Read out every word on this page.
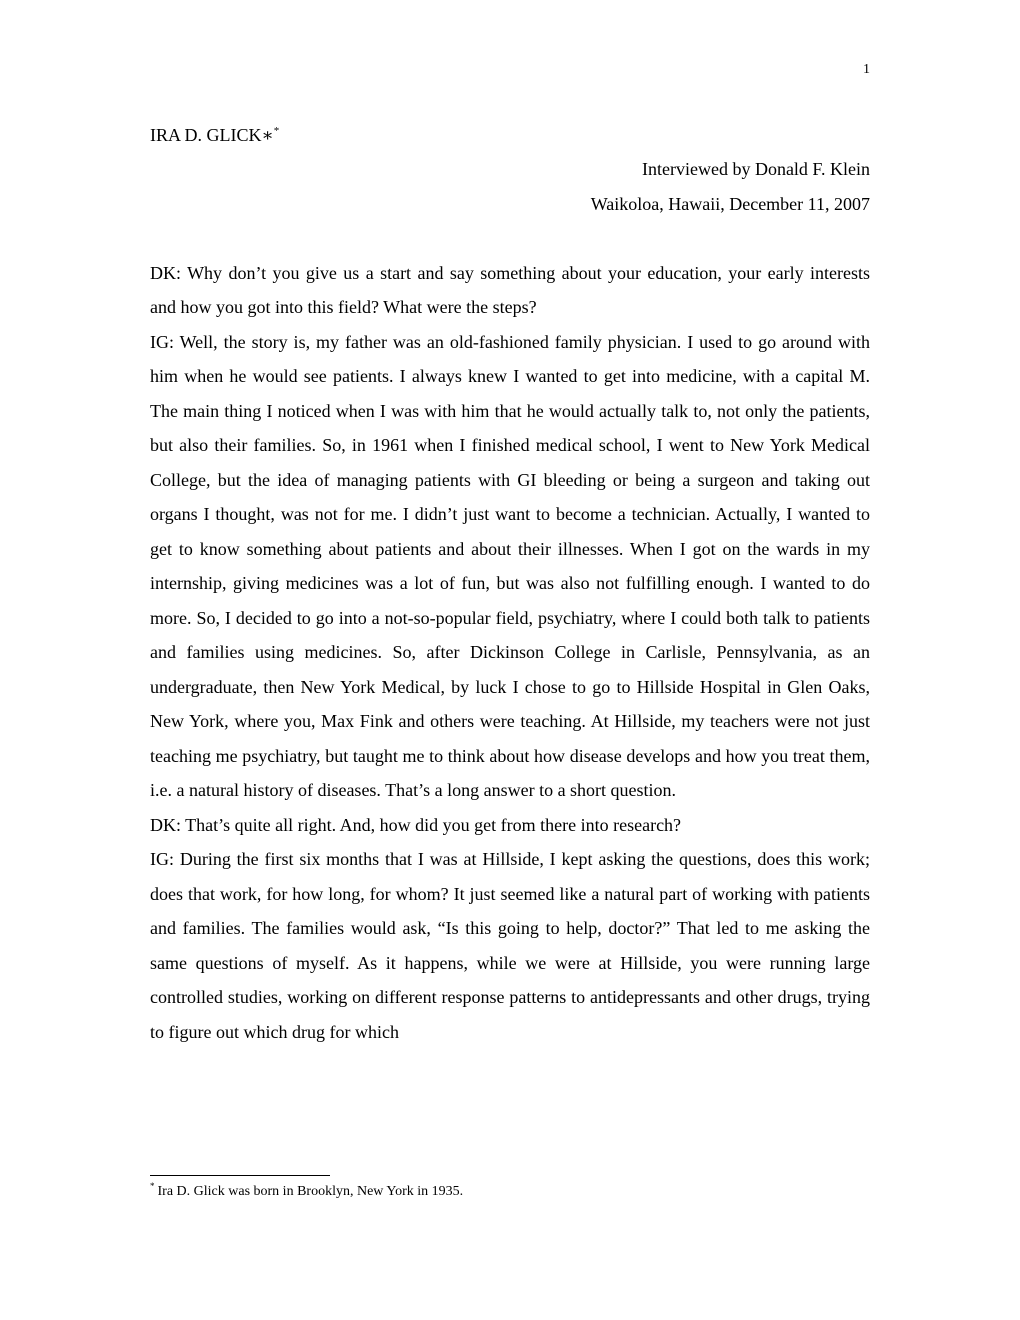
1
IRA D. GLICK∗*
Interviewed by Donald F. Klein
Waikoloa, Hawaii, December 11, 2007

DK: Why don’t you give us a start and say something about your education, your early interests and how you got into this field? What were the steps?

IG: Well, the story is, my father was an old-fashioned family physician. I used to go around with him when he would see patients. I always knew I wanted to get into medicine, with a capital M. The main thing I noticed when I was with him that he would actually talk to, not only the patients, but also their families. So, in 1961 when I finished medical school, I went to New York Medical College, but the idea of managing patients with GI bleeding or being a surgeon and taking out organs I thought, was not for me. I didn’t just want to become a technician. Actually, I wanted to get to know something about patients and about their illnesses. When I got on the wards in my internship, giving medicines was a lot of fun, but was also not fulfilling enough. I wanted to do more. So, I decided to go into a not-so-popular field, psychiatry, where I could both talk to patients and families using medicines. So, after Dickinson College in Carlisle, Pennsylvania, as an undergraduate, then New York Medical, by luck I chose to go to Hillside Hospital in Glen Oaks, New York, where you, Max Fink and others were teaching. At Hillside, my teachers were not just teaching me psychiatry, but taught me to think about how disease develops and how you treat them, i.e. a natural history of diseases. That’s a long answer to a short question.

DK: That’s quite all right. And, how did you get from there into research?

IG: During the first six months that I was at Hillside, I kept asking the questions, does this work; does that work, for how long, for whom? It just seemed like a natural part of working with patients and families. The families would ask, “Is this going to help, doctor?” That led to me asking the same questions of myself. As it happens, while we were at Hillside, you were running large controlled studies, working on different response patterns to antidepressants and other drugs, trying to figure out which drug for which

* Ira D. Glick was born in Brooklyn, New York in 1935.
